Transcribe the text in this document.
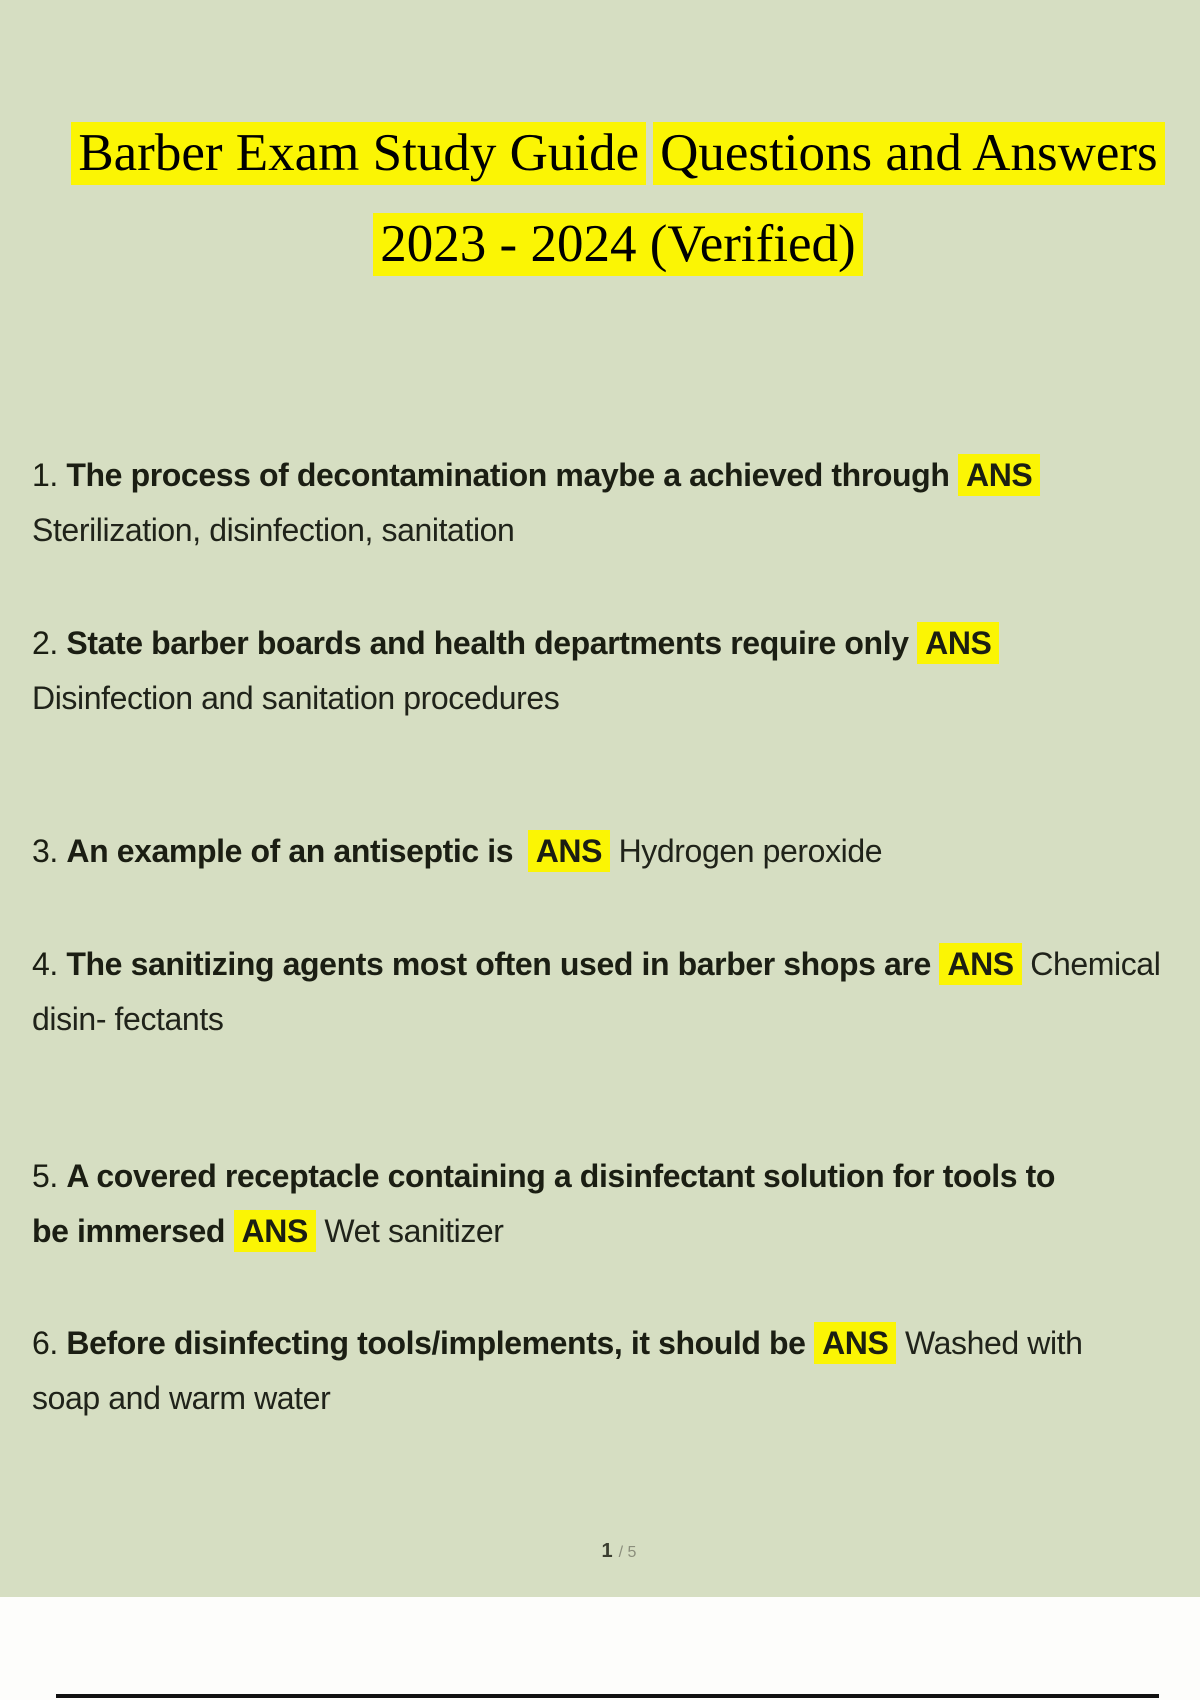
Barber Exam Study Guide Questions and Answers
2023 - 2024 (Verified)
1. The process of decontamination maybe a achieved through ANS
Sterilization, disinfection, sanitation
2. State barber boards and health departments require only ANS
Disinfection and sanitation procedures
3. An example of an antiseptic is ANS Hydrogen peroxide
4. The sanitizing agents most often used in barber shops are ANS Chemical
disin- fectants
5. A covered receptacle containing a disinfectant solution for tools to
be immersed ANS Wet sanitizer
6. Before disinfecting tools/implements, it should be ANS Washed with
soap and warm water
1 / 5
